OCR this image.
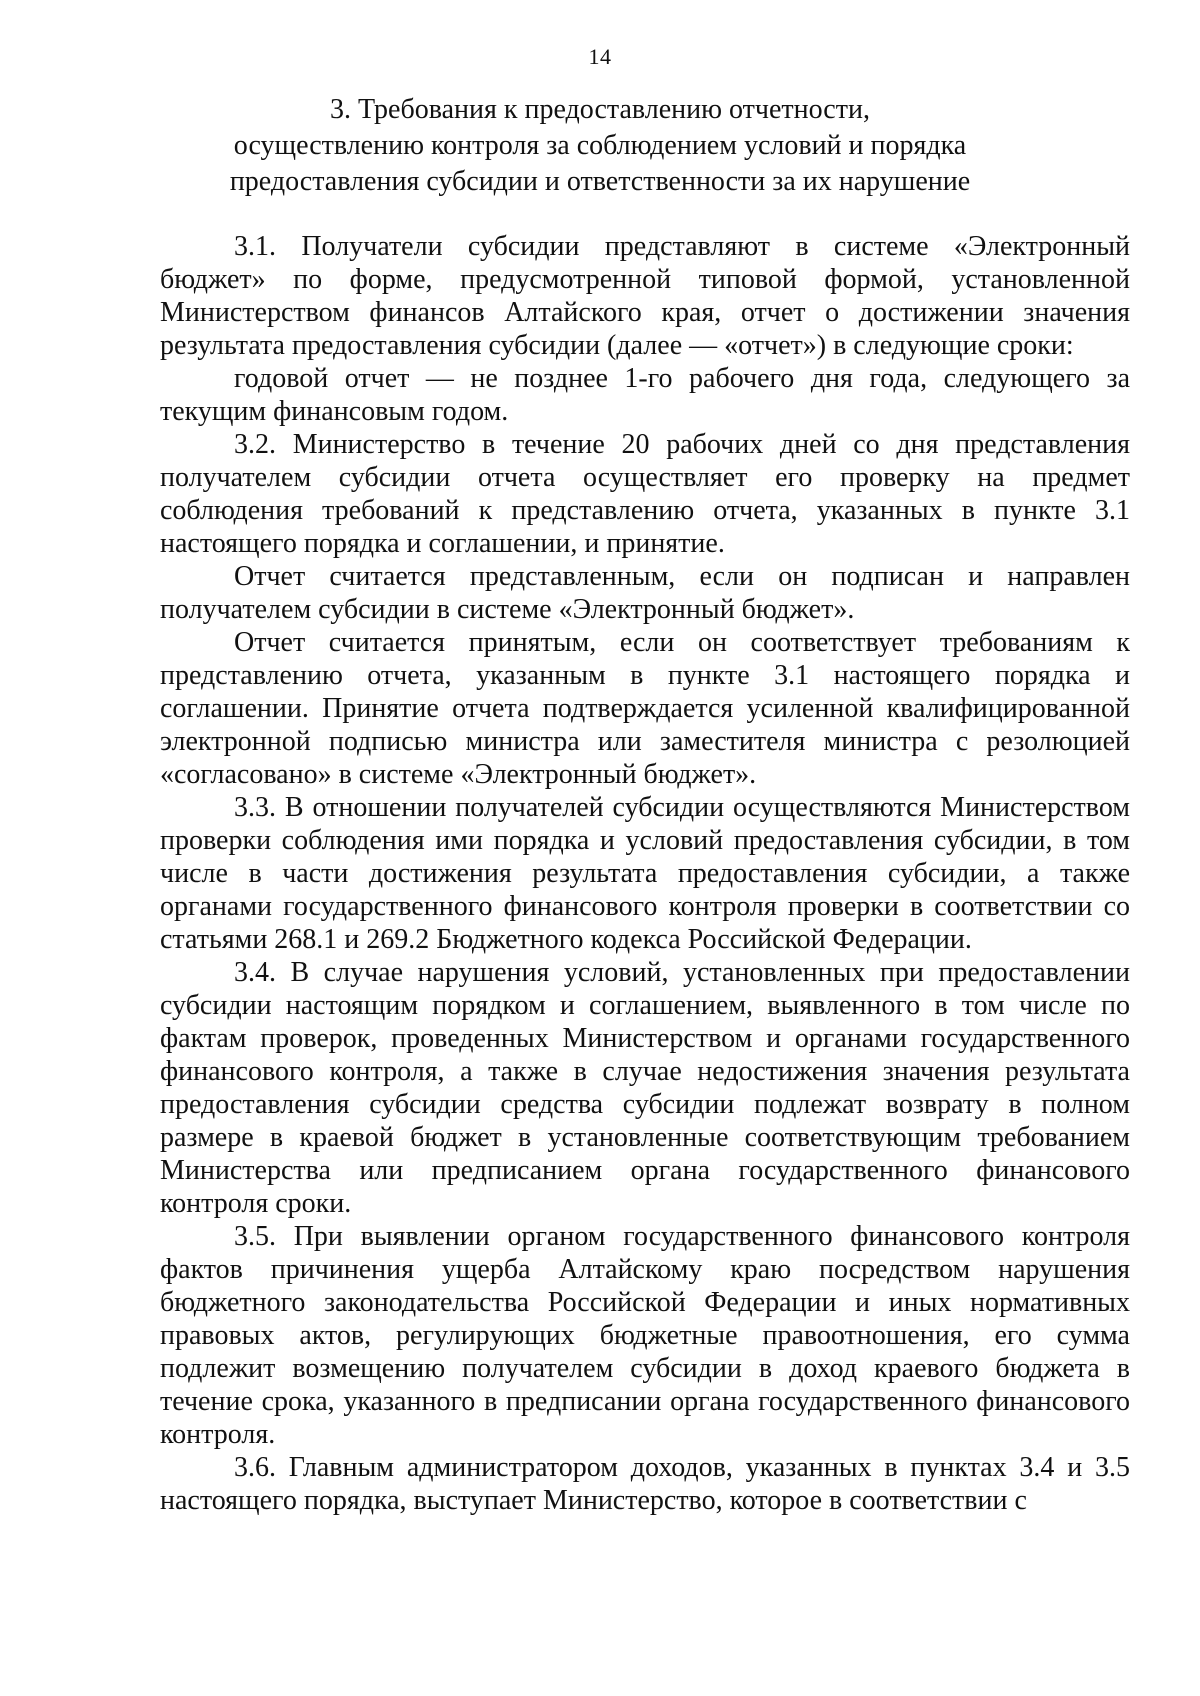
14
3. Требования к предоставлению отчетности,
осуществлению контроля за соблюдением условий и порядка
предоставления субсидии и ответственности за их нарушение

3.1. Получатели субсидии представляют в системе «Электронный бюджет» по форме, предусмотренной типовой формой, установленной Министерством финансов Алтайского края, отчет о достижении значения результата предоставления субсидии (далее — «отчет») в следующие сроки:

годовой отчет — не позднее 1-го рабочего дня года, следующего за текущим финансовым годом.

3.2. Министерство в течение 20 рабочих дней со дня представления получателем субсидии отчета осуществляет его проверку на предмет соблюдения требований к представлению отчета, указанных в пункте 3.1 настоящего порядка и соглашении, и принятие.

Отчет считается представленным, если он подписан и направлен получателем субсидии в системе «Электронный бюджет».

Отчет считается принятым, если он соответствует требованиям к представлению отчета, указанным в пункте 3.1 настоящего порядка и соглашении. Принятие отчета подтверждается усиленной квалифицированной электронной подписью министра или заместителя министра с резолюцией «согласовано» в системе «Электронный бюджет».

3.3. В отношении получателей субсидии осуществляются Министерством проверки соблюдения ими порядка и условий предоставления субсидии, в том числе в части достижения результата предоставления субсидии, а также органами государственного финансового контроля проверки в соответствии со статьями 268.1 и 269.2 Бюджетного кодекса Российской Федерации.

3.4. В случае нарушения условий, установленных при предоставлении субсидии настоящим порядком и соглашением, выявленного в том числе по фактам проверок, проведенных Министерством и органами государственного финансового контроля, а также в случае недостижения значения результата предоставления субсидии средства субсидии подлежат возврату в полном размере в краевой бюджет в установленные соответствующим требованием Министерства или предписанием органа государственного финансового контроля сроки.

3.5. При выявлении органом государственного финансового контроля фактов причинения ущерба Алтайскому краю посредством нарушения бюджетного законодательства Российской Федерации и иных нормативных правовых актов, регулирующих бюджетные правоотношения, его сумма подлежит возмещению получателем субсидии в доход краевого бюджета в течение срока, указанного в предписании органа государственного финансового контроля.

3.6. Главным администратором доходов, указанных в пунктах 3.4 и 3.5 настоящего порядка, выступает Министерство, которое в соответствии с
